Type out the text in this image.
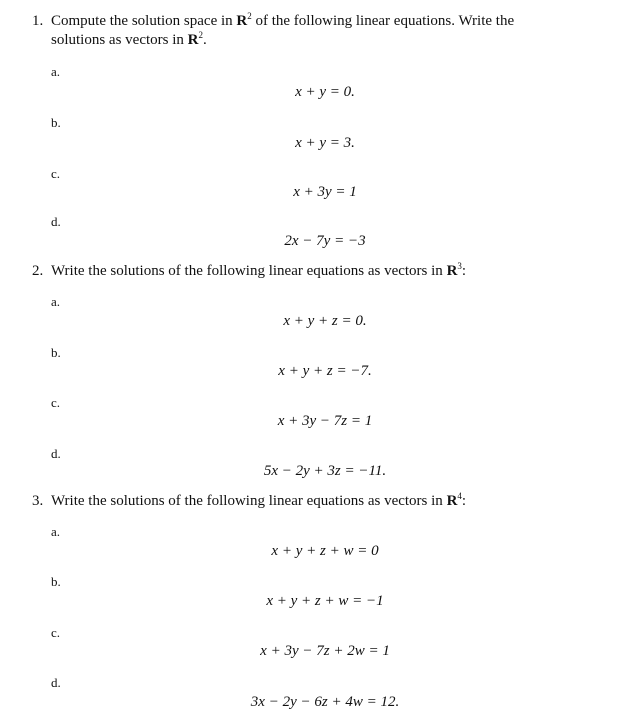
1. Compute the solution space in $R^2$ of the following linear equations. Write the
solutions as vectors in $R^2$.
a.
x + y = 0.
b.
x + y = 3.
c.
x + 3y = 1
d.
2x − 7y = −3
2. Write the solutions of the following linear equations as vectors in $R^3$:
a.
x + y + z = 0.
b.
x + y + z = −7.
c.
x + 3y − 7z = 1
d.
5x − 2y + 3z = −11.
3. Write the solutions of the following linear equations as vectors in $R^4$:
a.
x + y + z + w = 0
b.
x + y + z + w = −1
c.
x + 3y − 7z + 2w = 1
d.
3x − 2y − 6z + 4w = 12.
